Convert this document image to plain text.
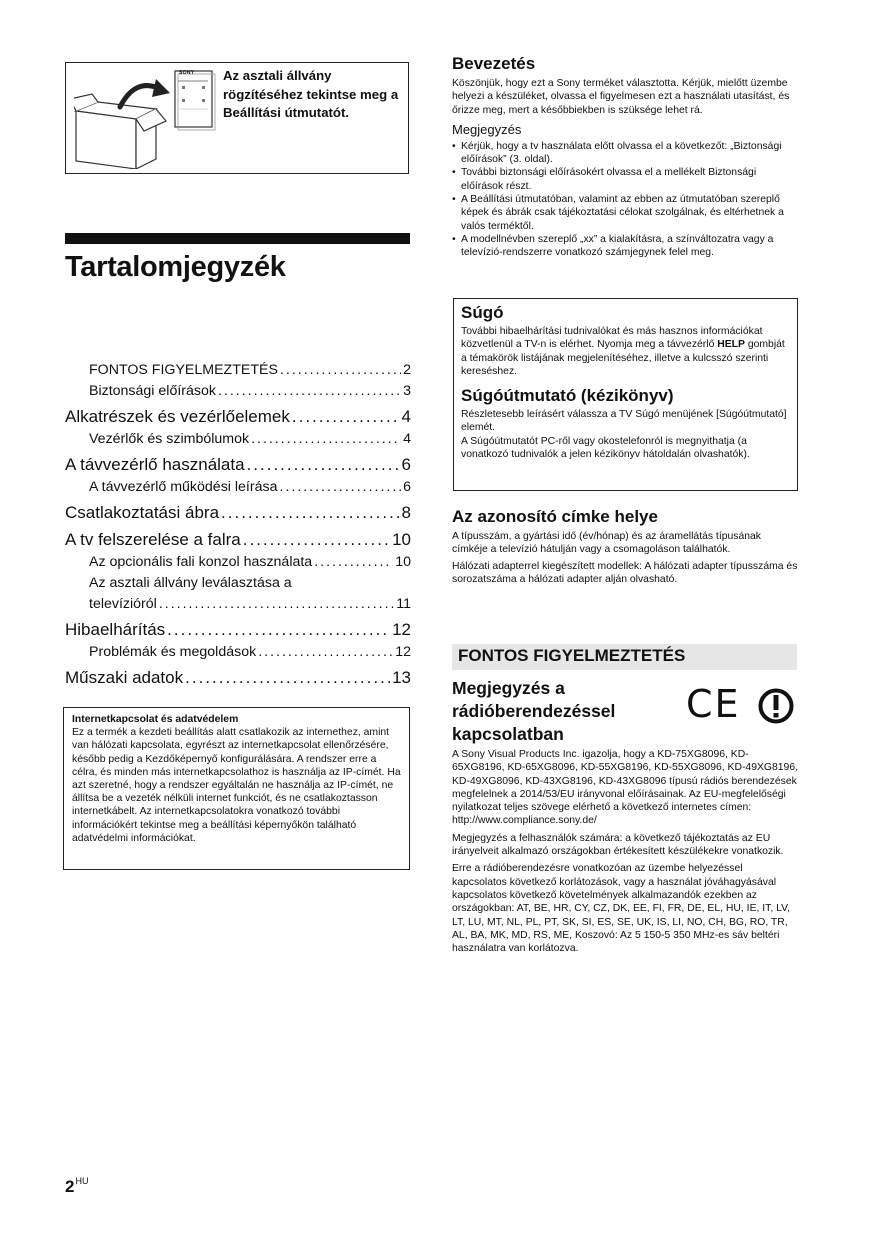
SONY Az asztali állvány rögzítéséhez tekintse meg a Beállítási útmutatót.
Tartalomjegyzék
FONTOS FIGYELMEZTETÉS .....	2
Biztonsági előírások .....	3
Alkatrészek és vezérlőelemek .....	4
Vezérlők és szimbólumok .....	4
A távvezérlő használata .....	6
A távvezérlő működési leírása .....	6
Csatlakoztatási ábra .....	8
A tv felszerelése a falra .....	10
Az opcionális fali konzol használata .....	10
Az asztali állvány leválasztása a
televízióról .....	11
Hibaelhárítás .....	12
Problémák és megoldások .....	12
Műszaki adatok .....	13
Internetkapcsolat és adatvédelem
Ez a termék a kezdeti beállítás alatt csatlakozik az internethez, amint van hálózati kapcsolata, egyrészt az internetkapcsolat ellenőrzésére, később pedig a Kezdőképernyő konfigurálására. A rendszer erre a célra, és minden más internetkapcsolathoz is használja az IP-címét. Ha azt szeretné, hogy a rendszer egyáltalán ne használja az IP-címét, ne állítsa be a vezeték nélküli internet funkciót, és ne csatlakoztasson internetkábelt. Az internetkapcsolatokra vonatkozó további információkért tekintse meg a beállítási képernyőkön található adatvédelmi információkat.
$2^{HU}$
Bevezetés
Köszönjük, hogy ezt a Sony terméket választotta. Kérjük, mielőtt üzembe helyezi a készüléket, olvassa el figyelmesen ezt a használati utasítást, és őrizze meg, mert a későbbiekben is szüksége lehet rá.
Megjegyzés
• Kérjük, hogy a tv használata előtt olvassa el a következőt: „Biztonsági előírások” (3. oldal).
• További biztonsági előírásokért olvassa el a mellékelt Biztonsági előírások részt.
• A Beállítási útmutatóban, valamint az ebben az útmutatóban szereplő képek és ábrák csak tájékoztatási célokat szolgálnak, és eltérhetnek a valós terméktől.
• A modellnévben szereplő „xx” a kialakításra, a színváltozatra vagy a televízió-rendszerre vonatkozó számjegynek felel meg.
Súgó
További hibaelhárítási tudnivalókat és más hasznos információkat közvetlenül a TV-n is elérhet. Nyomja meg a távvezérlő HELP gombját a témakörök listájának megjelenítéséhez, illetve a kulcsszó szerinti kereséshez.
Súgóútmutató (kézikönyv)
Részletesebb leírásért válassza a TV Súgó menüjének [Súgóútmutató] elemét.
A Súgóútmutatót PC-ről vagy okostelefonról is megnyithatja (a vonatkozó tudnivalók a jelen kézikönyv hátoldalán olvashatók).
Az azonosító címke helye
A típusszám, a gyártási idő (év/hónap) és az áramellátás típusának címkéje a televízió hátulján vagy a csomagoláson találhatók.
Hálózati adapterrel kiegészített modellek: A hálózati adapter típusszáma és sorozatszáma a hálózati adapter alján olvasható.
FONTOS FIGYELMEZTETÉS
Megjegyzés a rádióberendezéssel kapcsolatban
CE

A Sony Visual Products Inc. igazolja, hogy a KD-75XG8096, KD-65XG8196, KD-65XG8096, KD-55XG8196, KD-55XG8096, KD-49XG8196, KD-49XG8096, KD-43XG8196, KD-43XG8096 típusú rádiós berendezések megfelelnek a 2014/53/EU irányvonal előírásainak. Az EU-megfelelőségi nyilatkozat teljes szövege elérhető a következő internetes címen: http://www.compliance.sony.de/

Megjegyzés a felhasználók számára: a következő tájékoztatás az EU irányelveit alkalmazó országokban értékesített készülékekre vonatkozik.

Erre a rádióberendezésre vonatkozóan az üzembe helyezéssel kapcsolatos következő korlátozások, vagy a használat jóváhagyásával kapcsolatos következő követelmények alkalmazandók ezekben az országokban: AT, BE, HR, CY, CZ, DK, EE, FI, FR, DE, EL, HU, IE, IT, LV, LT, LU, MT, NL, PL, PT, SK, SI, ES, SE, UK, IS, LI, NO, CH, BG, RO, TR, AL, BA, MK, MD, RS, ME, Koszovó: Az 5 150-5 350 MHz-es sáv beltéri használatra van korlátozva.
